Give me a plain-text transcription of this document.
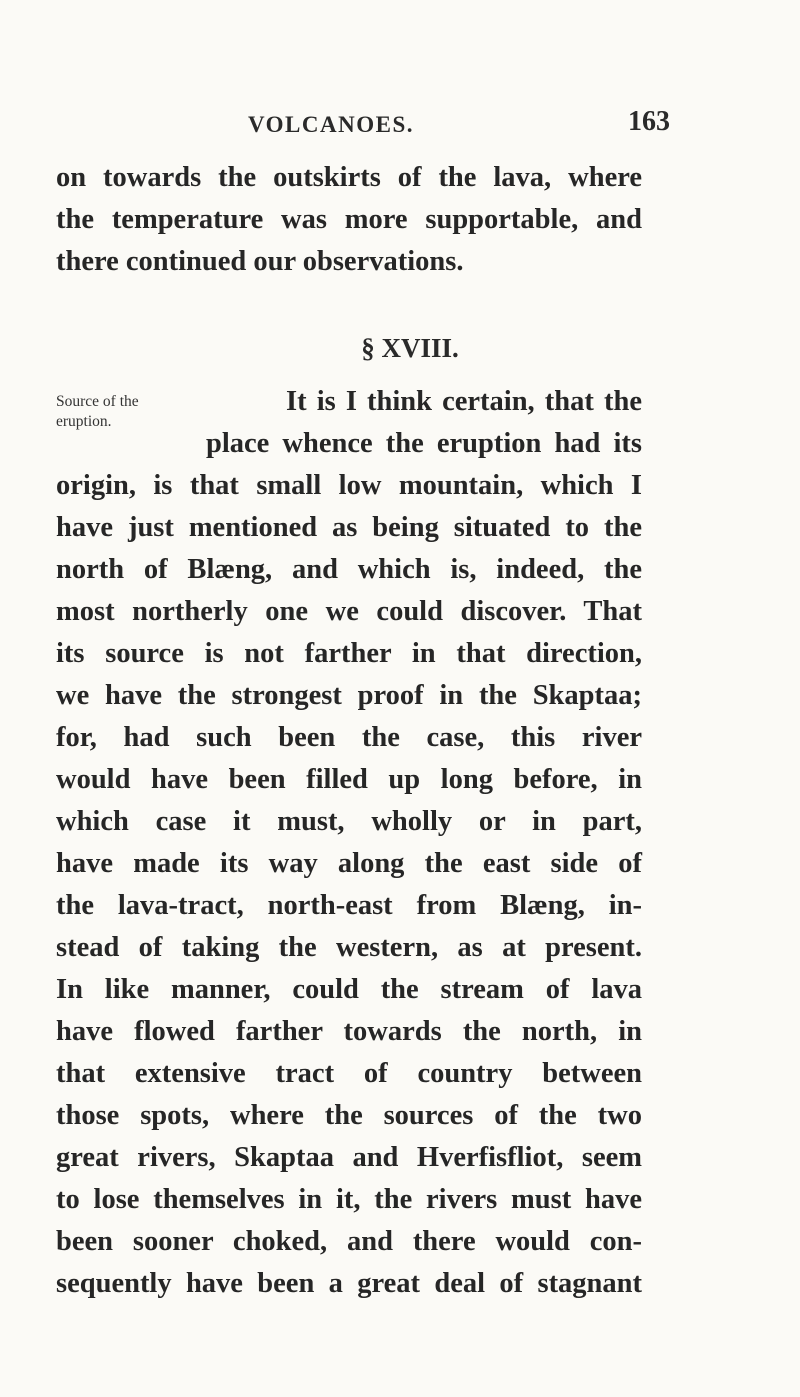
VOLCANOES.	163
on towards the outskirts of the lava, where
the temperature was more supportable, and
there continued our observations.
§ XVIII.
Source of the
eruption.
It is I think certain, that the
place whence the eruption had its
origin, is that small low mountain, which I
have just mentioned as being situated to the
north of Blæng, and which is, indeed, the
most northerly one we could discover. That
its source is not farther in that direction,
we have the strongest proof in the Skaptaa;
for, had such been the case, this river
would have been filled up long before, in
which case it must, wholly or in part,
have made its way along the east side of
the lava-tract, north-east from Blæng, in-
stead of taking the western, as at present.
In like manner, could the stream of lava
have flowed farther towards the north, in
that extensive tract of country between
those spots, where the sources of the two
great rivers, Skaptaa and Hverfisfliot, seem
to lose themselves in it, the rivers must have
been sooner choked, and there would con-
sequently have been a great deal of stagnant
